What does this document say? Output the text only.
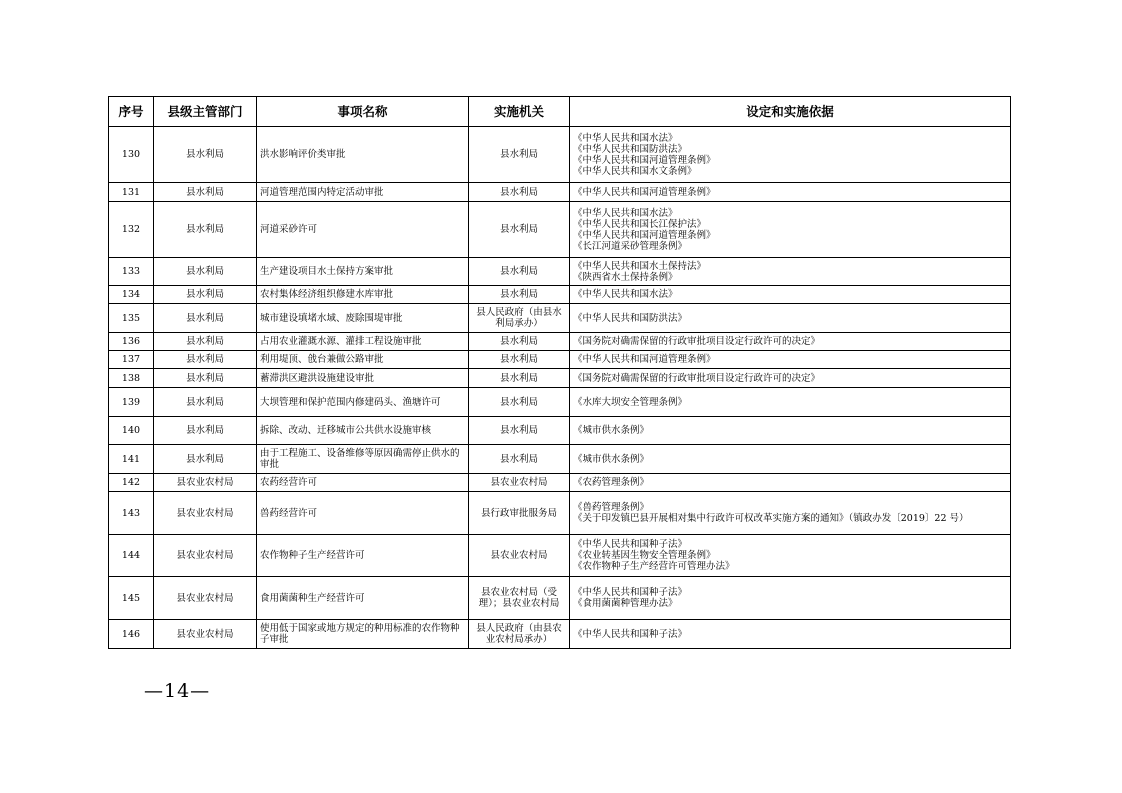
序号	县级主管部门	事项名称	实施机关	设定和实施依据
130	县水利局	洪水影响评价类审批	县水利局	《中华人民共和国水法》
《中华人民共和国防洪法》
《中华人民共和国河道管理条例》
《中华人民共和国水文条例》

131	县水利局	河道管理范围内特定活动审批	县水利局	《中华人民共和国河道管理条例》

132	县水利局	河道采砂许可	县水利局	《中华人民共和国水法》
《中华人民共和国长江保护法》
《中华人民共和国河道管理条例》
《长江河道采砂管理条例》

133	县水利局	生产建设项目水土保持方案审批	县水利局	《中华人民共和国水土保持法》
《陕西省水土保持条例》

134	县水利局	农村集体经济组织修建水库审批	县水利局	《中华人民共和国水法》

135	县水利局	城市建设填堵水域、废除围堤审批	县人民政府（由县水利局承办）	《中华人民共和国防洪法》

136	县水利局	占用农业灌溉水源、灌排工程设施审批	县水利局	《国务院对确需保留的行政审批项目设定行政许可的决定》

137	县水利局	利用堤顶、戗台兼做公路审批	县水利局	《中华人民共和国河道管理条例》

138	县水利局	蓄滞洪区避洪设施建设审批	县水利局	《国务院对确需保留的行政审批项目设定行政许可的决定》

139	县水利局	大坝管理和保护范围内修建码头、渔塘许可	县水利局	《水库大坝安全管理条例》

140	县水利局	拆除、改动、迁移城市公共供水设施审核	县水利局	《城市供水条例》

141	县水利局	由于工程施工、设备维修等原因确需停止供水的审批	县水利局	《城市供水条例》

142	县农业农村局	农药经营许可	县农业农村局	《农药管理条例》

143	县农业农村局	兽药经营许可	县行政审批服务局	《兽药管理条例》
《关于印发镇巴县开展相对集中行政许可权改革实施方案的通知》（镇政办发〔2019〕22 号）

144	县农业农村局	农作物种子生产经营许可	县农业农村局	《中华人民共和国种子法》
《农业转基因生物安全管理条例》
《农作物种子生产经营许可管理办法》

145	县农业农村局	食用菌菌种生产经营许可	县农业农村局（受理）；县农业农村局	《中华人民共和国种子法》
《食用菌菌种管理办法》

146	县农业农村局	使用低于国家或地方规定的种用标准的农作物种子审批	县人民政府（由县农业农村局承办）	《中华人民共和国种子法》
—14—
